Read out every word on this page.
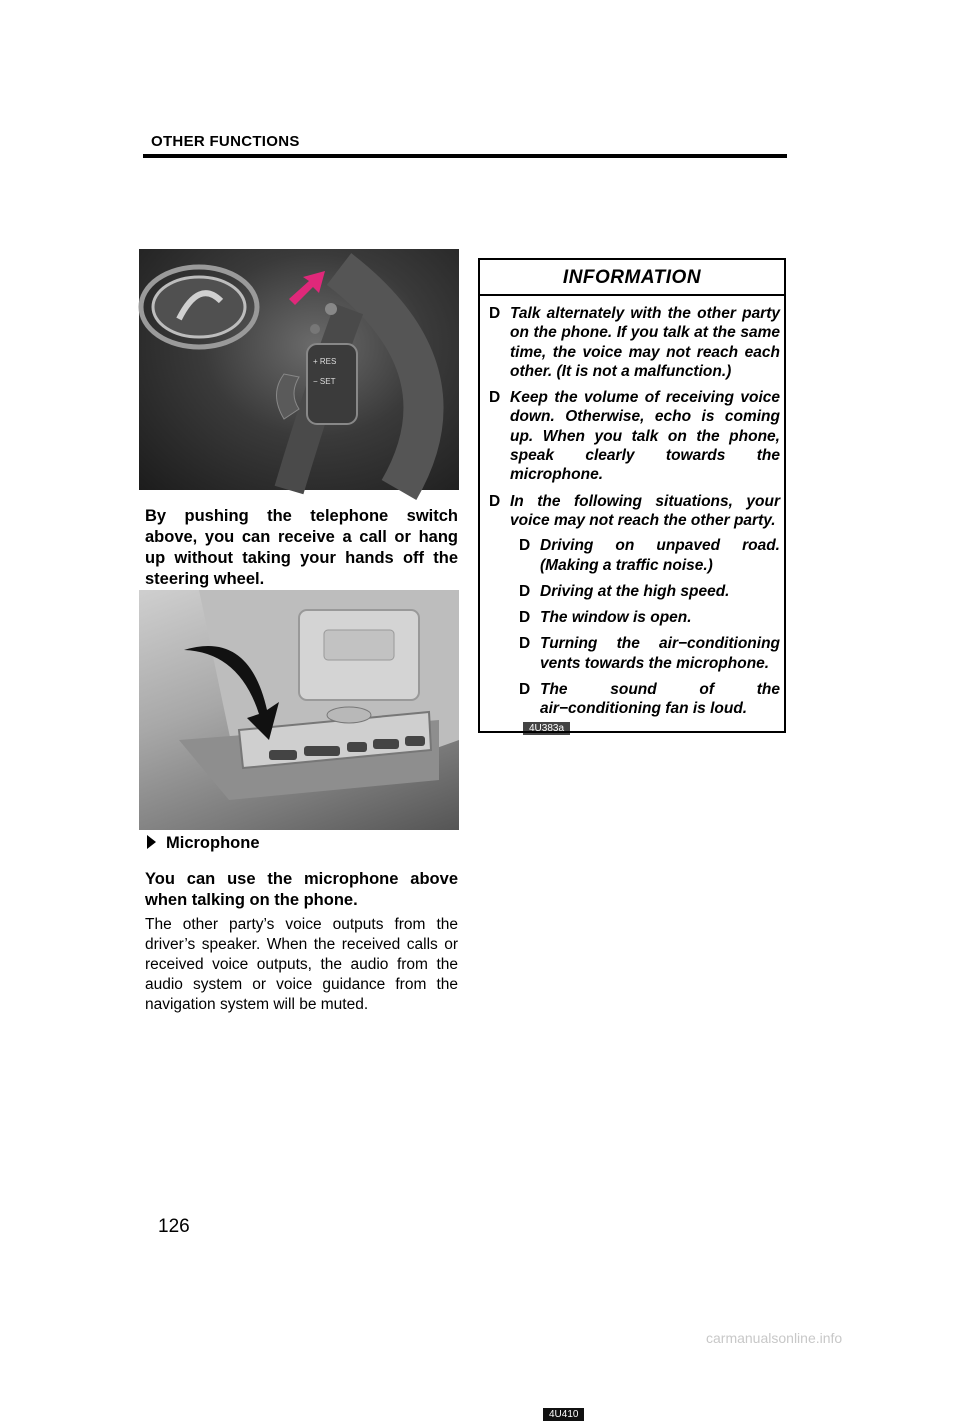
OTHER FUNCTIONS
+ RES
− SET
4U383a
By pushing the telephone switch above, you can receive a call or hang up without taking your hands off the steering wheel.
4U410
Microphone
You can use the microphone above when talking on the phone.
The other party’s voice outputs from the driver’s speaker. When the received calls or received voice outputs, the audio from the audio system or voice guidance from the navigation system will be muted.
INFORMATION
D Talk alternately with the other party on the phone. If you talk at the same time, the voice may not reach each other. (It is not a malfunction.)
D Keep the volume of receiving voice down. Otherwise, echo is coming up. When you talk on the phone, speak clearly towards the microphone.
D In the following situations, your voice may not reach the other party.
D Driving on unpaved road. (Making a traffic noise.)
D Driving at the high speed.
D The window is open.
D Turning the air−conditioning vents towards the microphone.
D The sound of the air−conditioning fan is loud.
126
carmanualsonline.info
